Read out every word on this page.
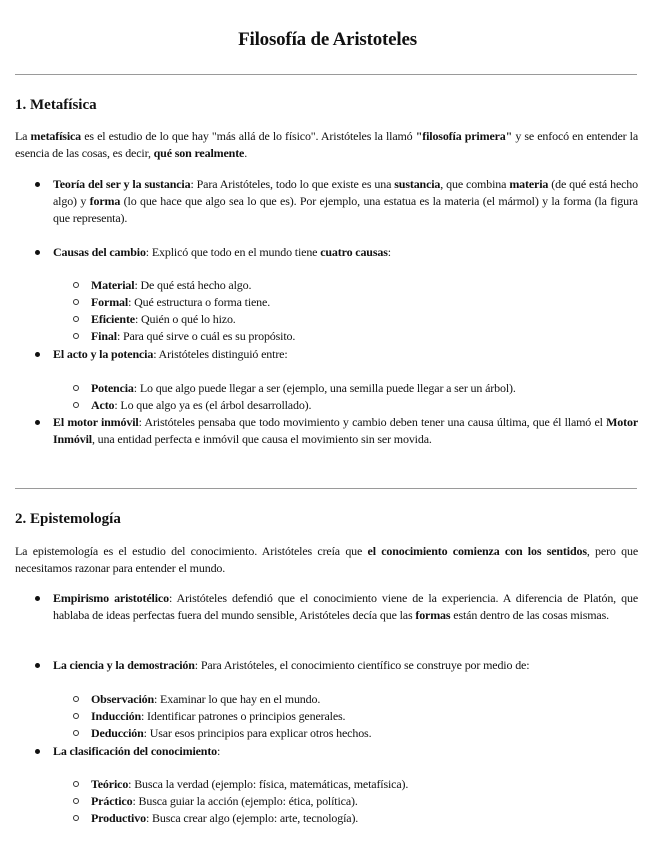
Filosofía de Aristoteles
1. Metafísica

La metafísica es el estudio de lo que hay "más allá de lo físico". Aristóteles la llamó "filosofía primera" y se enfocó en entender la esencia de las cosas, es decir, qué son realmente.

Teoría del ser y la sustancia: Para Aristóteles, todo lo que existe es una sustancia, que combina materia (de qué está hecho algo) y forma (lo que hace que algo sea lo que es). Por ejemplo, una estatua es la materia (el mármol) y la forma (la figura que representa).

Causas del cambio: Explicó que todo en el mundo tiene cuatro causas:

Material: De qué está hecho algo.

Formal: Qué estructura o forma tiene.

Eficiente: Quién o qué lo hizo.

Final: Para qué sirve o cuál es su propósito.

El acto y la potencia: Aristóteles distinguió entre:

Potencia: Lo que algo puede llegar a ser (ejemplo, una semilla puede llegar a ser un árbol).

Acto: Lo que algo ya es (el árbol desarrollado).

El motor inmóvil: Aristóteles pensaba que todo movimiento y cambio deben tener una causa última, que él llamó el Motor Inmóvil, una entidad perfecta e inmóvil que causa el movimiento sin ser movida.

2. Epistemología

La epistemología es el estudio del conocimiento. Aristóteles creía que el conocimiento comienza con los sentidos, pero que necesitamos razonar para entender el mundo.

Empirismo aristotélico: Aristóteles defendió que el conocimiento viene de la experiencia. A diferencia de Platón, que hablaba de ideas perfectas fuera del mundo sensible, Aristóteles decía que las formas están dentro de las cosas mismas.

La ciencia y la demostración: Para Aristóteles, el conocimiento científico se construye por medio de:

Observación: Examinar lo que hay en el mundo.

Inducción: Identificar patrones o principios generales.

Deducción: Usar esos principios para explicar otros hechos.

La clasificación del conocimiento:

Teórico: Busca la verdad (ejemplo: física, matemáticas, metafísica).

Práctico: Busca guiar la acción (ejemplo: ética, política).

Productivo: Busca crear algo (ejemplo: arte, tecnología).
